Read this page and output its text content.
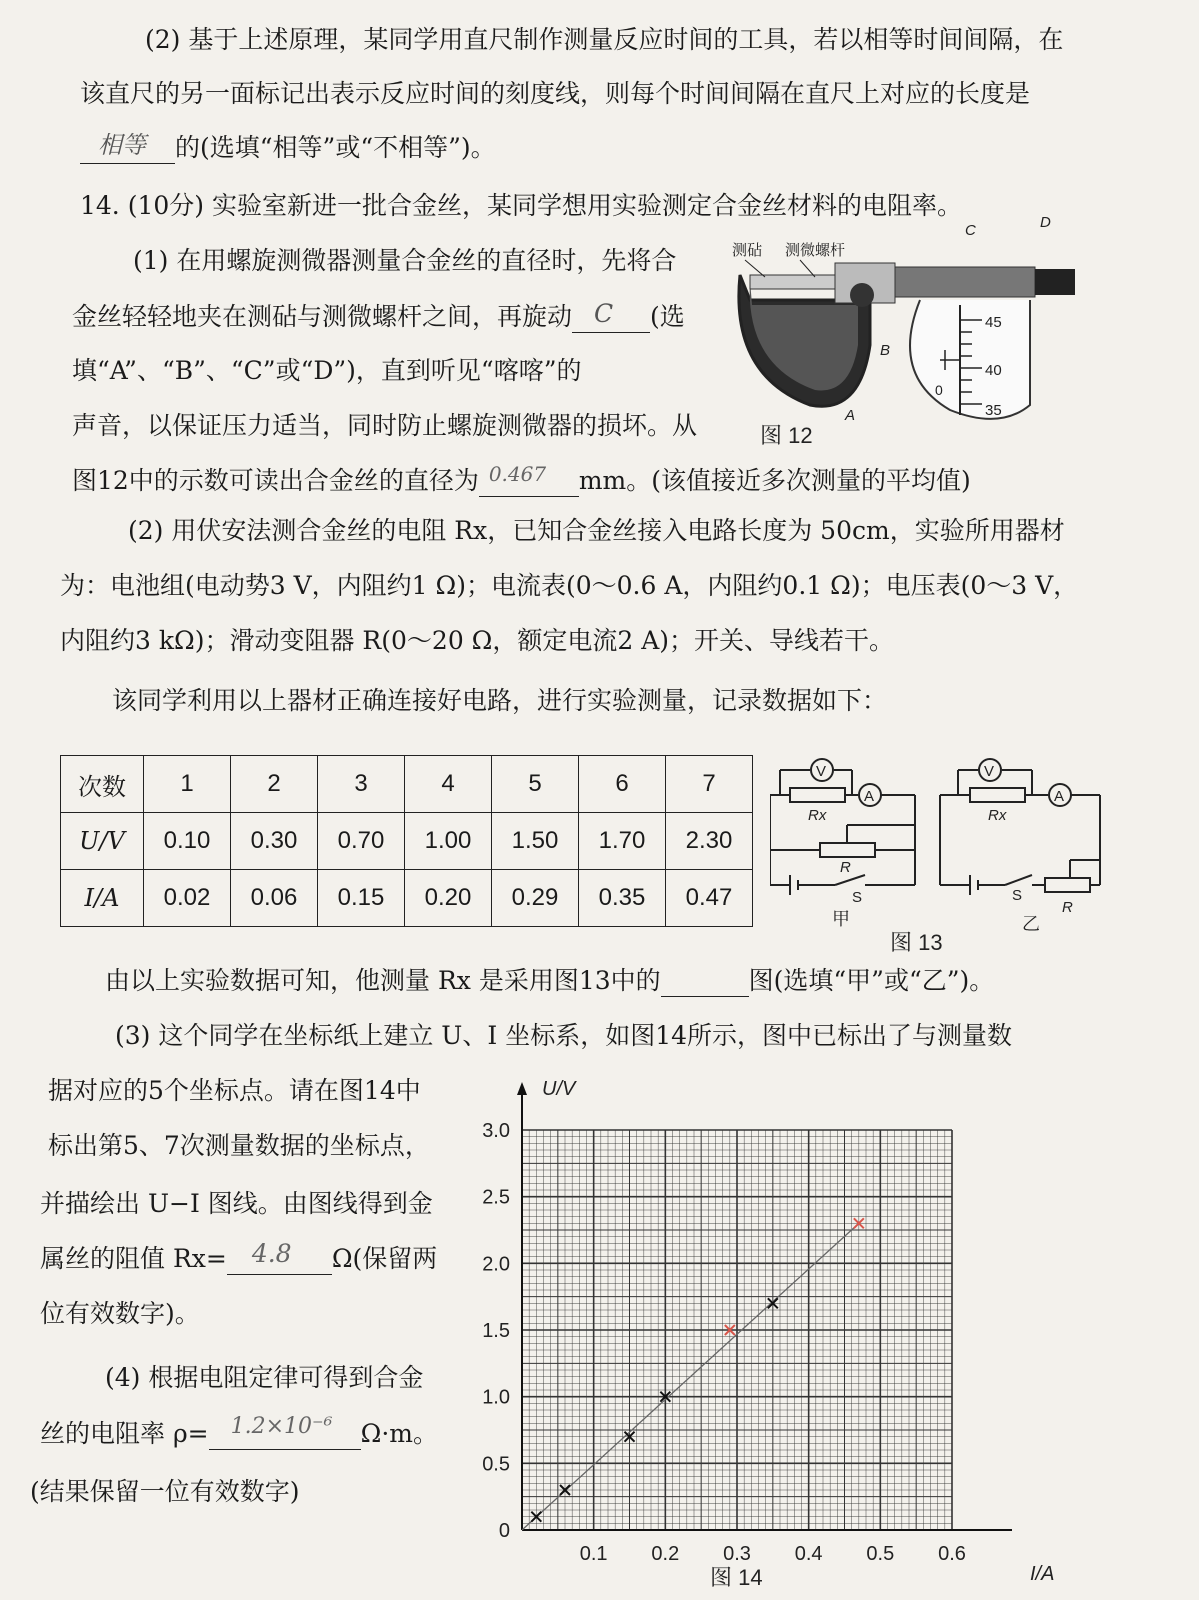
(2) 基于上述原理，某同学用直尺制作测量反应时间的工具，若以相等时间间隔，在
该直尺的另一面标记出表示反应时间的刻度线，则每个时间间隔在直尺上对应的长度是
相等 的(选填“相等”或“不相等”)。
14. (10分) 实验室新进一批合金丝，某同学想用实验测定合金丝材料的电阻率。
(1) 在用螺旋测微器测量合金丝的直径时，先将合
金丝轻轻地夹在测砧与测微螺杆之间，再旋动 C (选
填“A”、“B”、“C”或“D”)，直到听见“喀喀”的
声音，以保证压力适当，同时防止螺旋测微器的损坏。从
图12中的示数可读出合金丝的直径为 0.467 mm。(该值接近多次测量的平均值)
(2) 用伏安法测合金丝的电阻 Rx，已知合金丝接入电路长度为 50cm，实验所用器材
为：电池组(电动势3 V，内阻约1 Ω)；电流表(0～0.6 A，内阻约0.1 Ω)；电压表(0～3 V，
内阻约3 kΩ)；滑动变阻器 R(0～20 Ω，额定电流2 A)；开关、导线若干。
该同学利用以上器材正确连接好电路，进行实验测量，记录数据如下：
测砧 测微螺杆
A
B
C	D
45
40
35
0
图 12
次数	1	2	3	4	5	6	7
U/V	0.10	0.30	0.70	1.00	1.50	1.70	2.30
I/A	0.02	0.06	0.15	0.20	0.29	0.35	0.47
V
A
Rx
R
S
V
A
Rx
R
S
甲	乙
图 13
由以上实验数据可知，他测量 Rx 是采用图13中的	图(选填“甲”或“乙”)。
(3) 这个同学在坐标纸上建立 U、I 坐标系，如图14所示，图中已标出了与测量数
据对应的5个坐标点。请在图14中
标出第5、7次测量数据的坐标点，
并描绘出 U−I 图线。由图线得到金
属丝的阻值 Rx= 4.8 Ω(保留两
位有效数字)。
(4) 根据电阻定律可得到合金
丝的电阻率 ρ= 1.2×10⁻⁶ Ω·m。
(结果保留一位有效数字)
0
0.5
1.0
1.5
2.0
2.5
3.0
0.1 0.2 0.3 0.4 0.5 0.6
U/V
I/A
图 14
